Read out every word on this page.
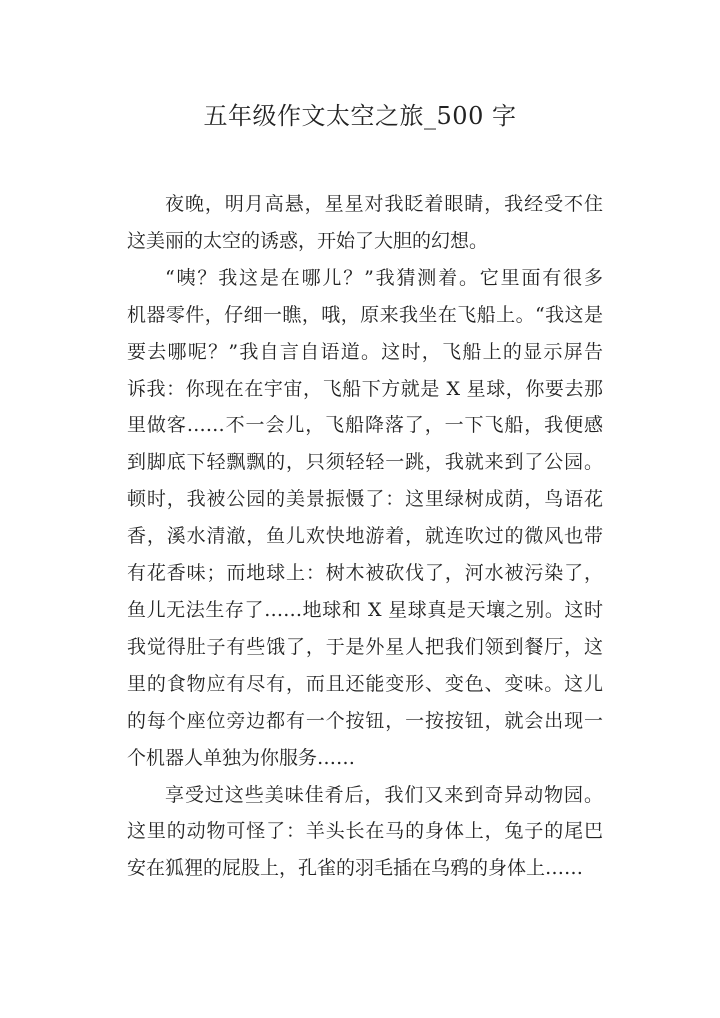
五年级作文太空之旅_500 字

夜晚，明月高悬，星星对我眨着眼睛，我经受不住
这美丽的太空的诱惑，开始了大胆的幻想。

“咦？我这是在哪儿？”我猜测着。它里面有很多
机器零件，仔细一瞧，哦，原来我坐在飞船上。“我这是
要去哪呢？”我自言自语道。这时，飞船上的显示屏告
诉我：你现在在宇宙，飞船下方就是 X 星球，你要去那
里做客……不一会儿，飞船降落了，一下飞船，我便感
到脚底下轻飘飘的，只须轻轻一跳，我就来到了公园。
顿时，我被公园的美景振慑了：这里绿树成荫，鸟语花
香，溪水清澈，鱼儿欢快地游着，就连吹过的微风也带
有花香味；而地球上：树木被砍伐了，河水被污染了，
鱼儿无法生存了……地球和 X 星球真是天壤之别。这时
我觉得肚子有些饿了，于是外星人把我们领到餐厅，这
里的食物应有尽有，而且还能变形、变色、变味。这儿
的每个座位旁边都有一个按钮，一按按钮，就会出现一
个机器人单独为你服务……

享受过这些美味佳肴后，我们又来到奇异动物园。
这里的动物可怪了：羊头长在马的身体上，兔子的尾巴
安在狐狸的屁股上，孔雀的羽毛插在乌鸦的身体上……
